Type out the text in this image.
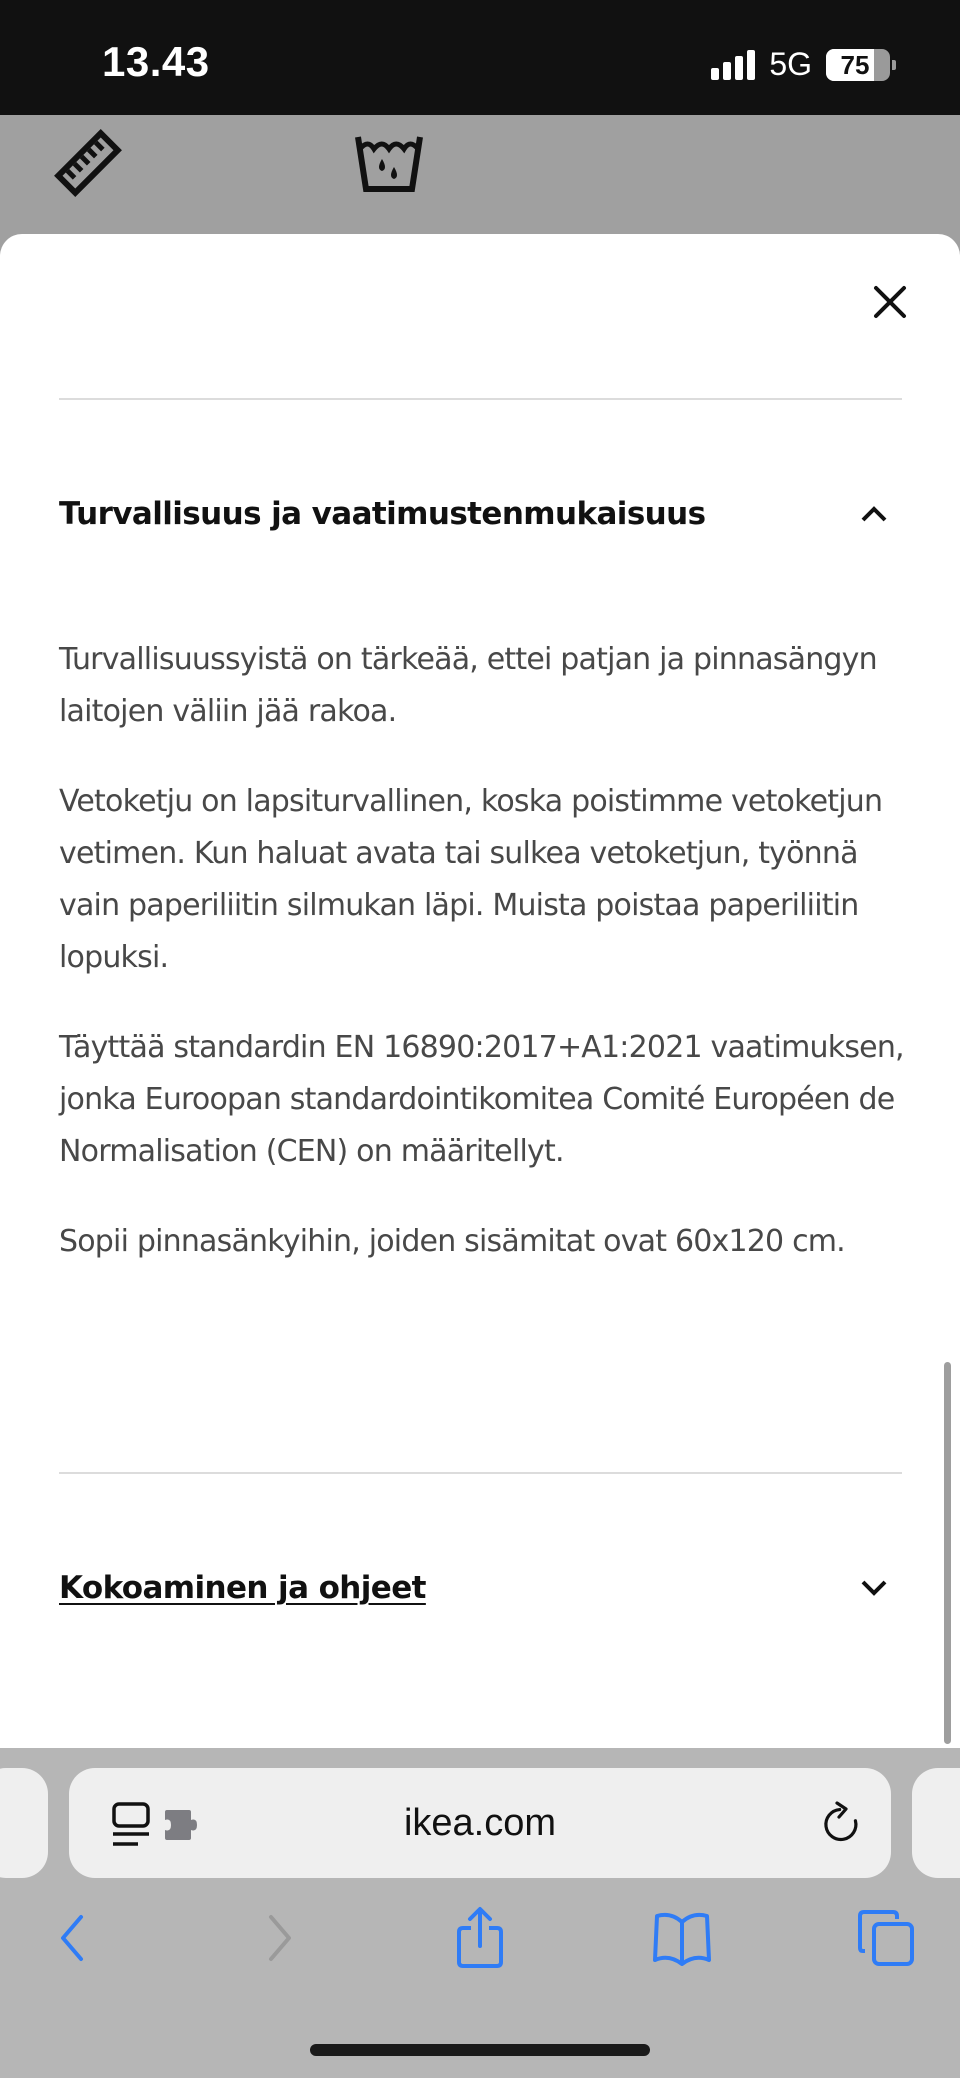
13.43	5G	75
Turvallisuus ja vaatimustenmukaisuus

Turvallisuussyistä on tärkeää, ettei patjan ja pinnasängyn laitojen väliin jää rakoa.

Vetoketju on lapsiturvallinen, koska poistimme vetoketjun vetimen. Kun haluat avata tai sulkea vetoketjun, työnnä vain paperiliitin silmukan läpi. Muista poistaa paperiliitin lopuksi.

Täyttää standardin EN 16890:2017+A1:2021 vaatimuksen, jonka Euroopan standardointikomitea Comité Européen de Normalisation (CEN) on määritellyt.

Sopii pinnasänkyihin, joiden sisämitat ovat 60x120 cm.

Kokoaminen ja ohjeet
ikea.com
